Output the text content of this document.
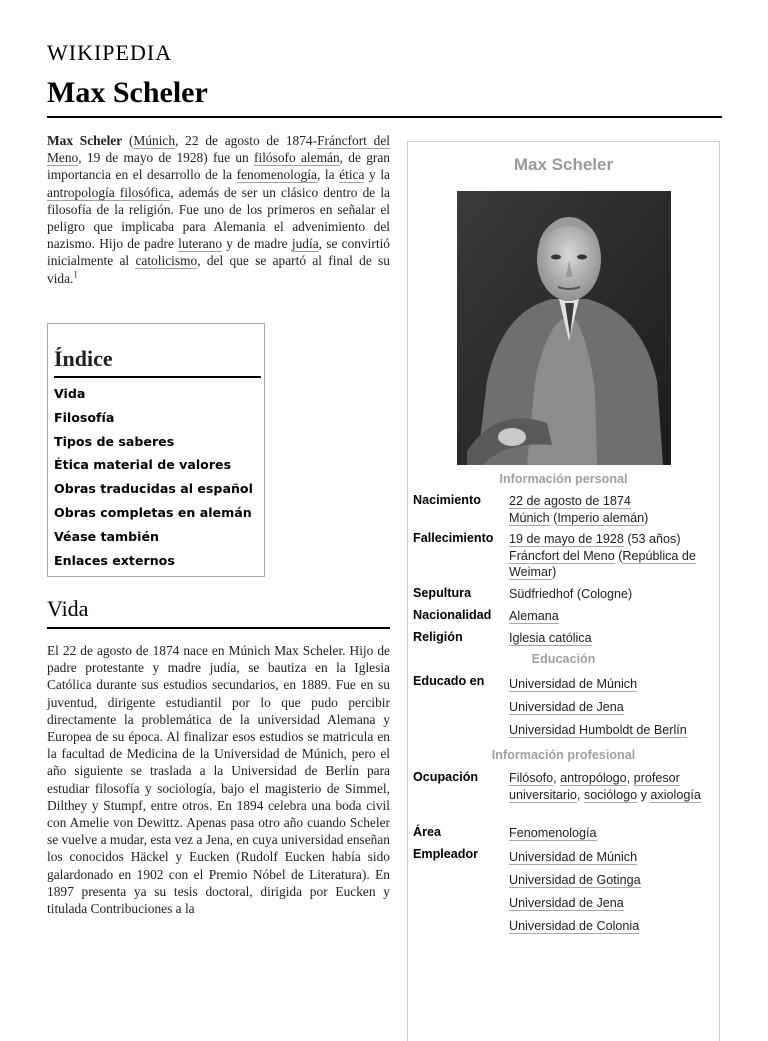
WIKIPEDIA
Max Scheler

Max Scheler (Múnich, 22 de agosto de 1874-Fráncfort del Meno, 19 de mayo de 1928) fue un filósofo alemán, de gran importancia en el desarrollo de la fenomenología, la ética y la antropología filosófica, además de ser un clásico dentro de la filosofía de la religión. Fue uno de los primeros en señalar el peligro que implicaba para Alemania el advenimiento del nazismo. Hijo de padre luterano y de madre judía, se convirtió inicialmente al catolicismo, del que se apartó al final de su vida.$^1$

Índice
Vida
Filosofía
Tipos de saberes
Ética material de valores
Obras traducidas al español
Obras completas en alemán
Véase también
Enlaces externos
Vida

El 22 de agosto de 1874 nace en Múnich Max Scheler. Hijo de padre protestante y madre judía, se bautiza en la Iglesia Católica durante sus estudios secundarios, en 1889. Fue en su juventud, dirigente estudiantil por lo que pudo percibir directamente la problemática de la universidad Alemana y Europea de su época. Al finalizar esos estudios se matricula en la facultad de Medicina de la Universidad de Múnich, pero el año siguiente se traslada a la Universidad de Berlín para estudiar filosofía y sociología, bajo el magisterio de Simmel, Dilthey y Stumpf, entre otros. En 1894 celebra una boda civil con Amelie von Dewittz. Apenas pasa otro año cuando Scheler se vuelve a mudar, esta vez a Jena, en cuya universidad enseñan los conocidos Häckel y Eucken (Rudolf Eucken había sido galardonado en 1902 con el Premio Nóbel de Literatura). En 1897 presenta ya su tesis doctoral, dirigida por Eucken y titulada Contribuciones a la

Max Scheler
Información personal
Nacimiento 22 de agosto de 1874
Múnich (Imperio alemán)
Fallecimiento 19 de mayo de 1928 (53 años)
Fráncfort del Meno (República de Weimar)
Sepultura	Südfriedhof (Cologne)
Nacionalidad Alemana
Religión	Iglesia católica
Educación
Educado en Universidad de Múnich
Universidad de Jena
Universidad Humboldt de Berlín
Información profesional
Ocupación Filósofo, antropólogo, profesor universitario, sociólogo y axiología
Área	Fenomenología
Empleador Universidad de Múnich
Universidad de Gotinga
Universidad de Jena
Universidad de Colonia
